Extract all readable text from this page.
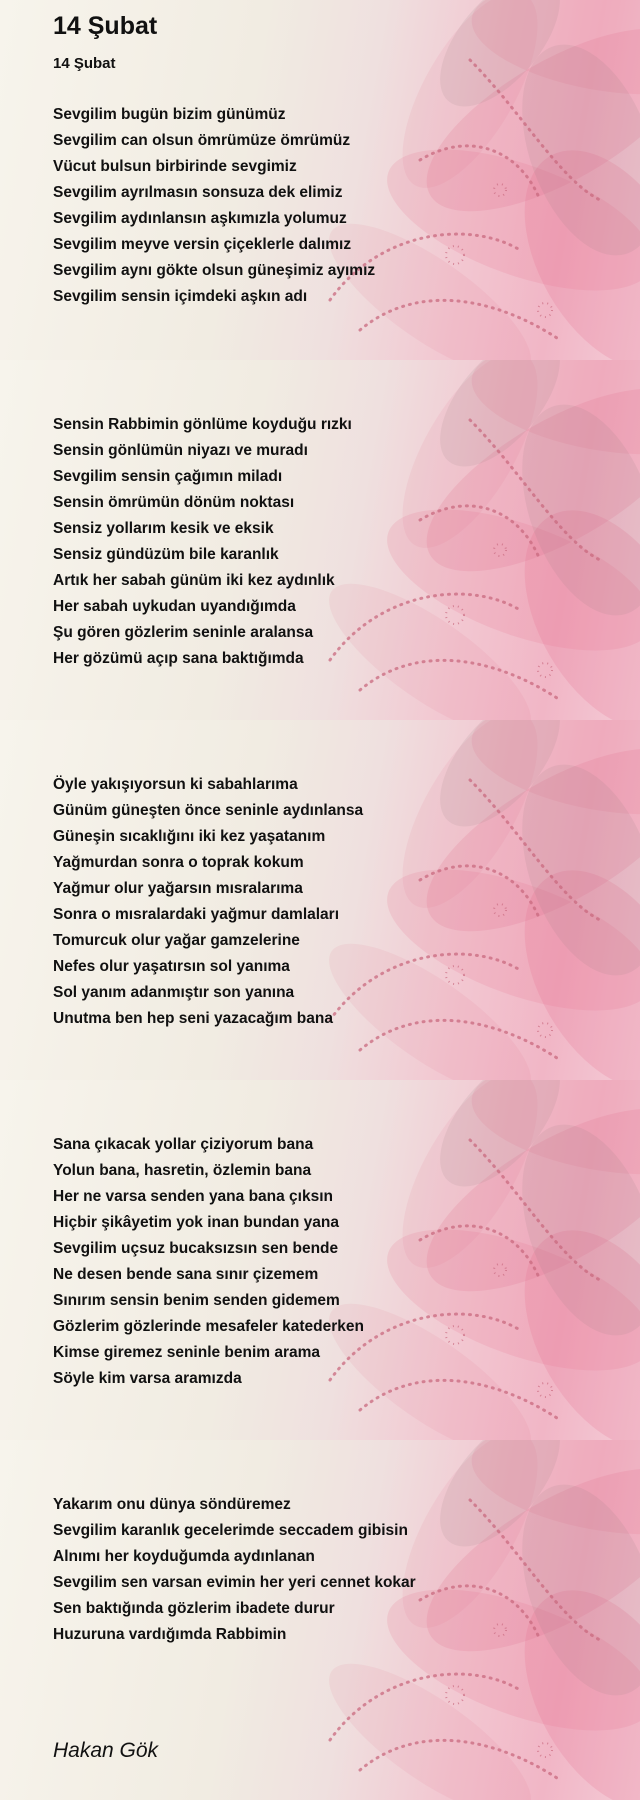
14 Şubat
14 Şubat
Sevgilim bugün bizim günümüz
Sevgilim can olsun ömrümüze ömrümüz
Vücut bulsun birbirinde sevgimiz
Sevgilim ayrılmasın sonsuza dek elimiz
Sevgilim aydınlansın aşkımızla yolumuz
Sevgilim meyve versin çiçeklerle dalımız
Sevgilim aynı gökte olsun güneşimiz ayımız
Sevgilim sensin içimdeki aşkın adı
Sensin Rabbimin gönlüme koyduğu rızkı
Sensin gönlümün niyazı ve muradı
Sevgilim sensin çağımın miladı
Sensin ömrümün dönüm noktası
Sensiz yollarım kesik ve eksik
Sensiz gündüzüm bile karanlık
Artık her sabah günüm iki kez aydınlık
Her sabah uykudan uyandığımda
Şu gören gözlerim seninle aralansa
Her gözümü açıp sana baktığımda
Öyle yakışıyorsun ki sabahlarıma
Günüm güneşten önce seninle aydınlansa
Güneşin sıcaklığını iki kez yaşatanım
Yağmurdan sonra o toprak kokum
Yağmur olur yağarsın mısralarıma
Sonra o mısralardaki yağmur damlaları
Tomurcuk olur yağar gamzelerine
Nefes olur yaşatırsın sol yanıma
Sol yanım adanmıştır son yanına
Unutma ben hep seni yazacağım bana
Sana çıkacak yollar çiziyorum bana
Yolun bana, hasretin, özlemin bana
Her ne varsa senden yana bana çıksın
Hiçbir şikâyetim yok inan bundan yana
Sevgilim uçsuz bucaksızsın sen bende
Ne desen bende sana sınır çizemem
Sınırım sensin benim senden gidemem
Gözlerim gözlerinde mesafeler katederken
Kimse giremez seninle benim arama
Söyle kim varsa aramızda
Yakarım onu dünya söndüremez
Sevgilim karanlık gecelerimde seccadem gibisin
Alnımı her koyduğumda aydınlanan
Sevgilim sen varsan evimin her yeri cennet kokar
Sen baktığında gözlerim ibadete durur
Huzuruna vardığımda Rabbimin

Hakan Gök
